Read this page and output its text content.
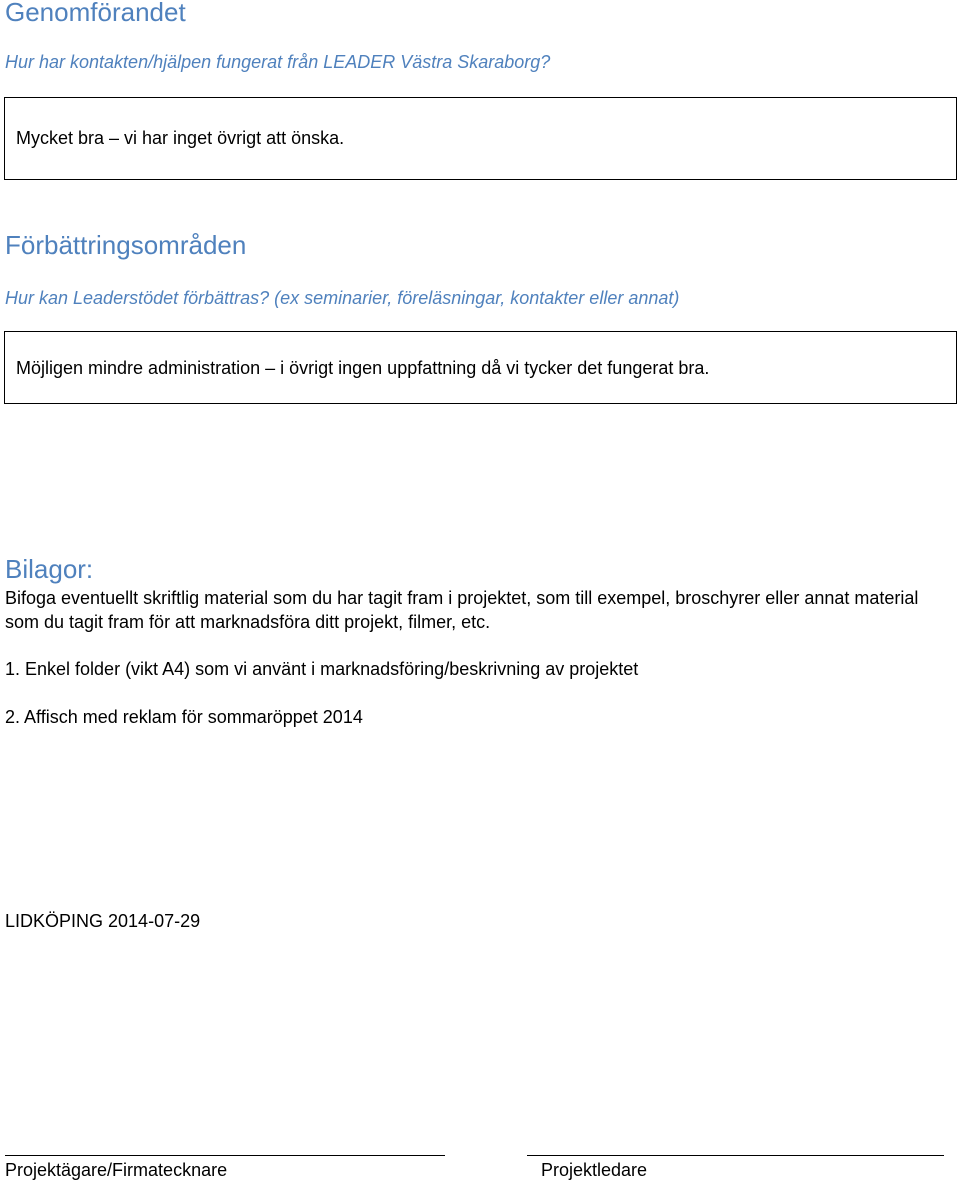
Genomförandet
Hur har kontakten/hjälpen fungerat från LEADER Västra Skaraborg?
Mycket bra – vi har inget övrigt att önska.
Förbättringsområden
Hur kan Leaderstödet förbättras? (ex seminarier, föreläsningar, kontakter eller annat)
Möjligen mindre administration – i övrigt ingen uppfattning då vi tycker det fungerat bra.
Bilagor:
Bifoga eventuellt skriftlig material som du har tagit fram i projektet, som till exempel, broschyrer eller annat material som du tagit fram för att marknadsföra ditt projekt, filmer, etc.
1. Enkel folder (vikt A4) som vi använt i marknadsföring/beskrivning av projektet
2. Affisch med reklam för sommaröppet 2014
LIDKÖPING 2014-07-29
Projektägare/Firmatecknare	Projektledare
